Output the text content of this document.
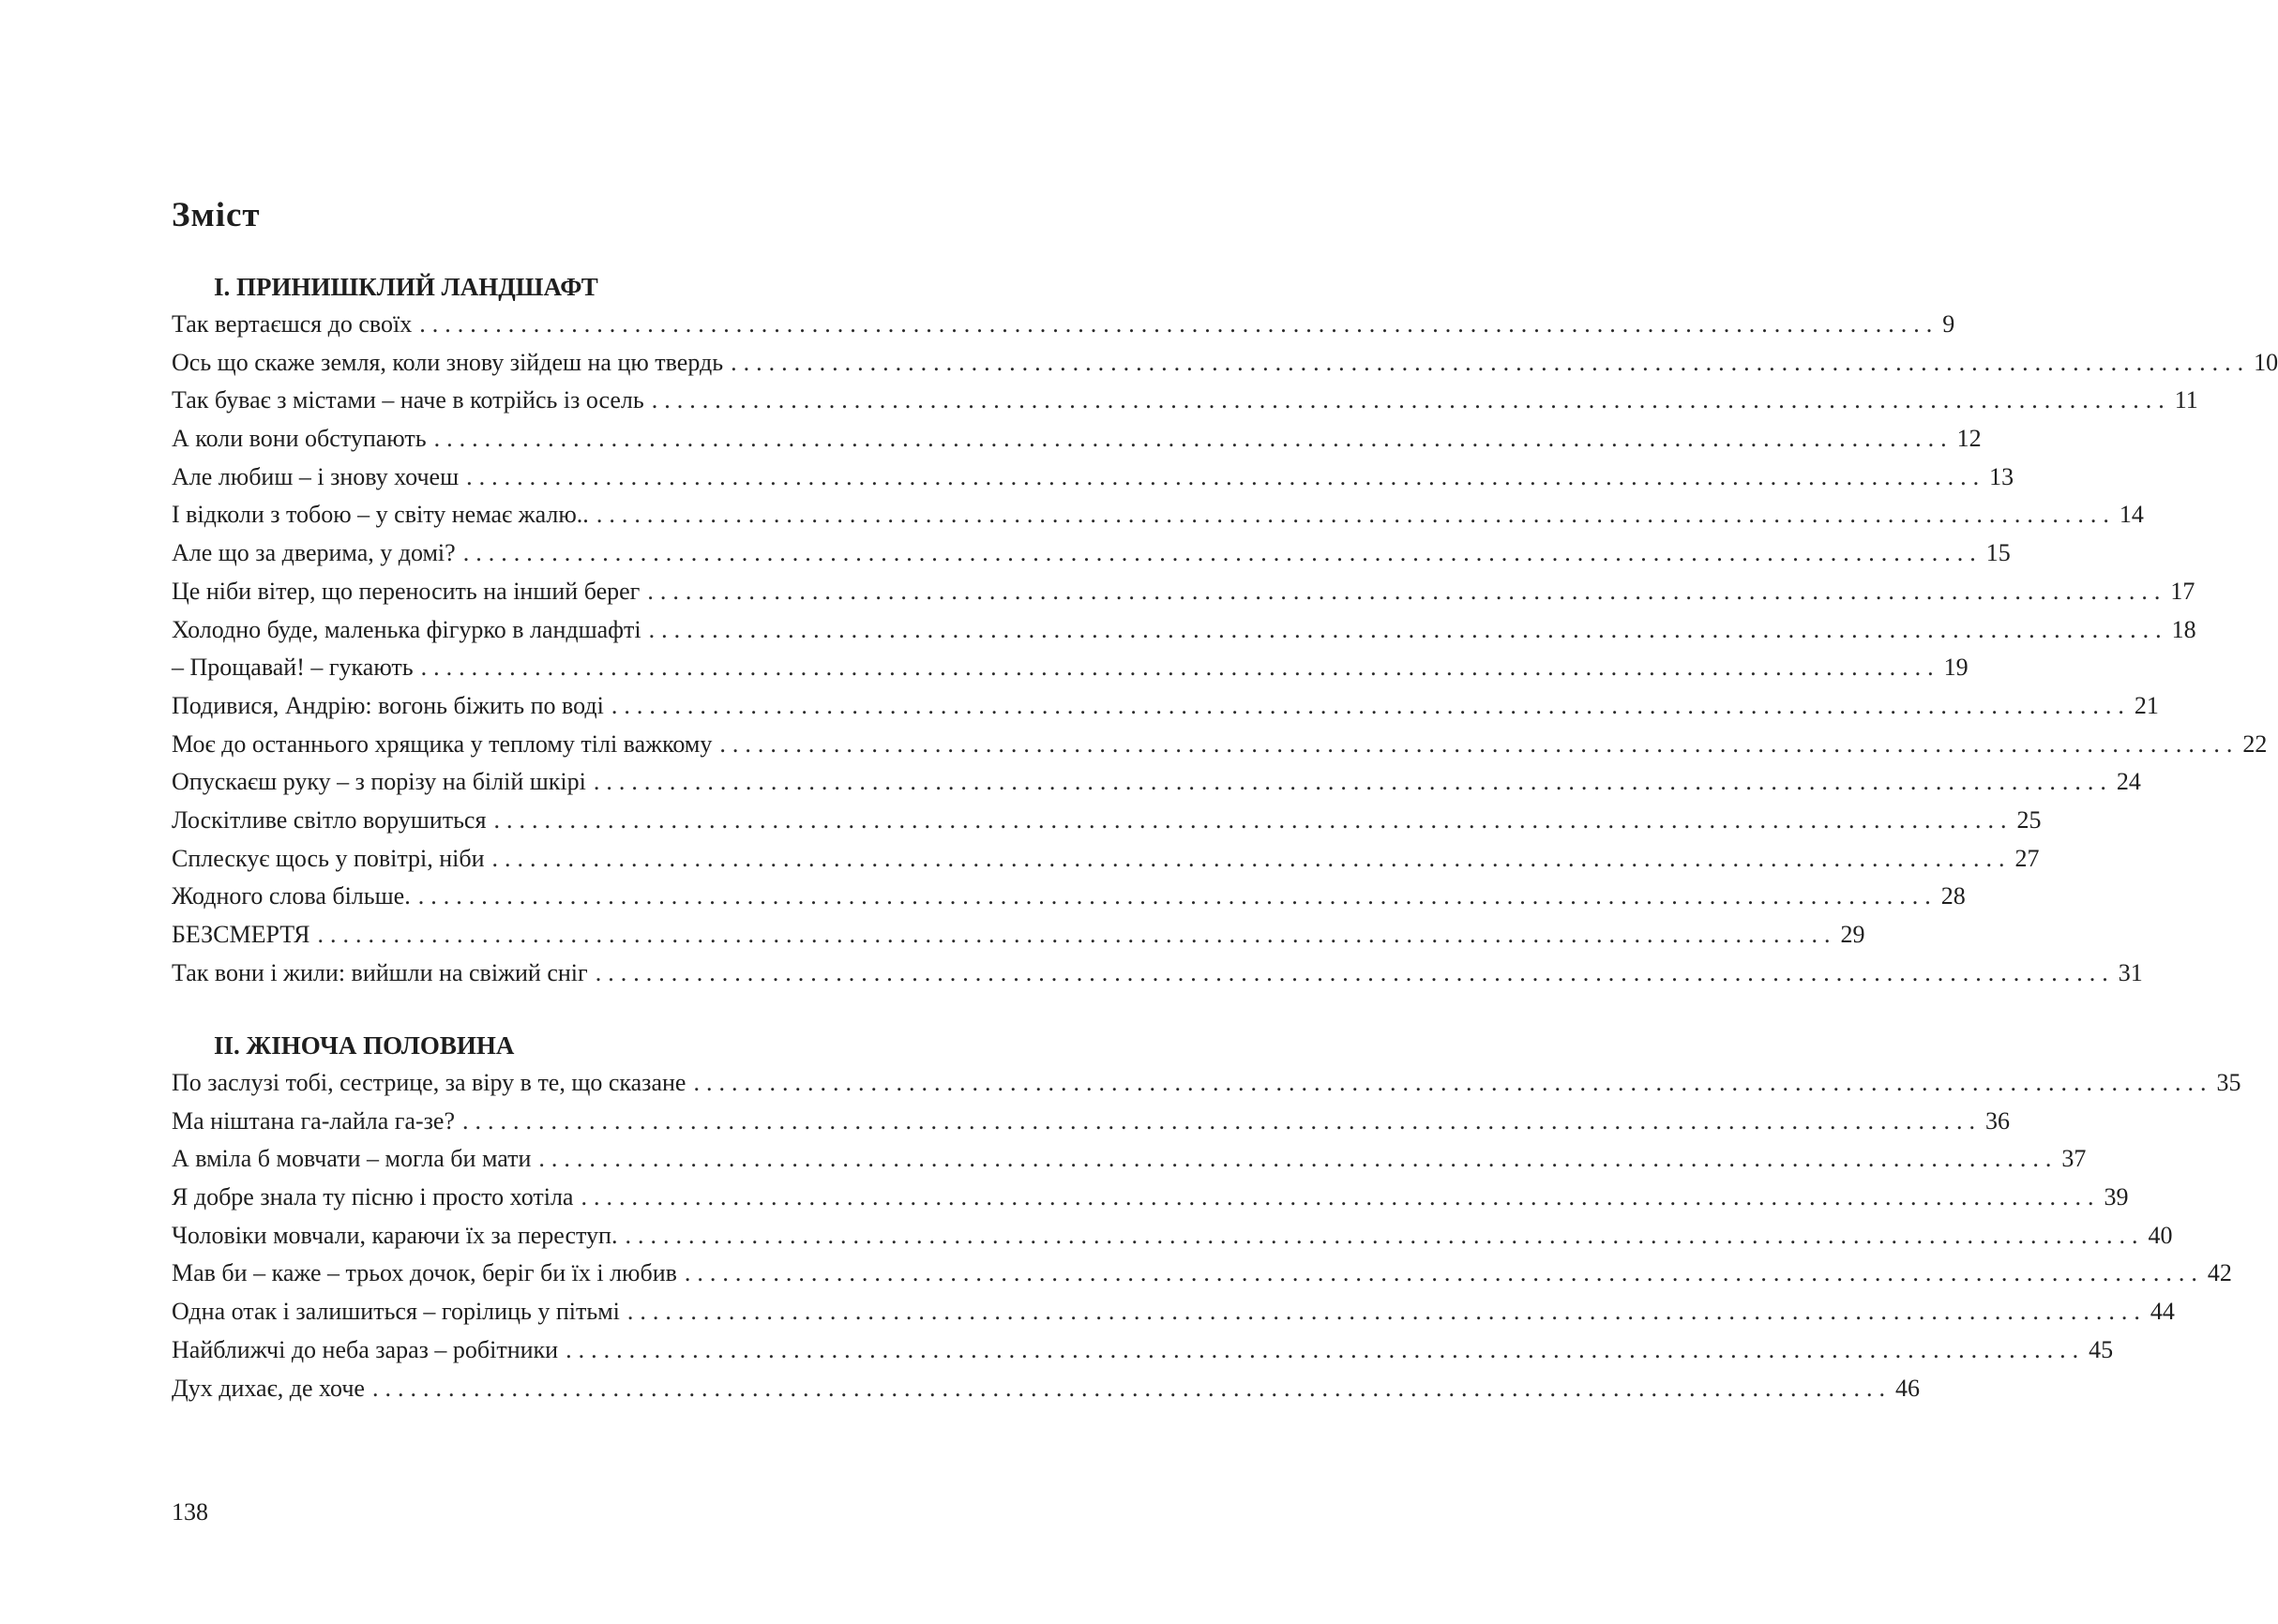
Зміст
I. ПРИНИШКЛИЙ ЛАНДШАФТ
Так вертаєшся до своїх ........................................................................................................................ 9
Ось що скаже земля, коли знову зійдеш на цю твердь ........................................................................................................................ 10
Так буває з містами – наче в котрійсь із осель ........................................................................................................................ 11
А коли вони обступають ........................................................................................................................ 12
Але любиш – і знову хочеш ........................................................................................................................ 13
І відколи з тобою – у світу немає жалю.. ........................................................................................................................ 14
Але що за дверима, у домі? ........................................................................................................................ 15
Це ніби вітер, що переносить на інший берег ........................................................................................................................ 17
Холодно буде, маленька фігурко в ландшафті ........................................................................................................................ 18
– Прощавай! – гукають ........................................................................................................................ 19
Подивися, Андрію: вогонь біжить по воді ........................................................................................................................ 21
Моє до останнього хрящика у теплому тілі важкому ........................................................................................................................ 22
Опускаєш руку – з порізу на білій шкірі ........................................................................................................................ 24
Лоскітливе світло ворушиться ........................................................................................................................ 25
Сплескує щось у повітрі, ніби ........................................................................................................................ 27
Жодного слова більше. ........................................................................................................................ 28
БЕЗСМЕРТЯ ........................................................................................................................ 29
Так вони і жили: вийшли на свіжий сніг ........................................................................................................................ 31
II. ЖІНОЧА ПОЛОВИНА
По заслузі тобі, сестрице, за віру в те, що сказане ........................................................................................................................ 35
Ма ніштана га-лайла га-зе? ........................................................................................................................ 36
А вміла б мовчати – могла би мати ........................................................................................................................ 37
Я добре знала ту пісню і просто хотіла ........................................................................................................................ 39
Чоловіки мовчали, караючи їх за переступ. ........................................................................................................................ 40
Мав би – каже – трьох дочок, беріг би їх і любив ........................................................................................................................ 42
Одна отак і залишиться – горілиць у пітьмі ........................................................................................................................ 44
Найближчі до неба зараз – робітники ........................................................................................................................ 45
Дух дихає, де хоче ........................................................................................................................ 46

138
